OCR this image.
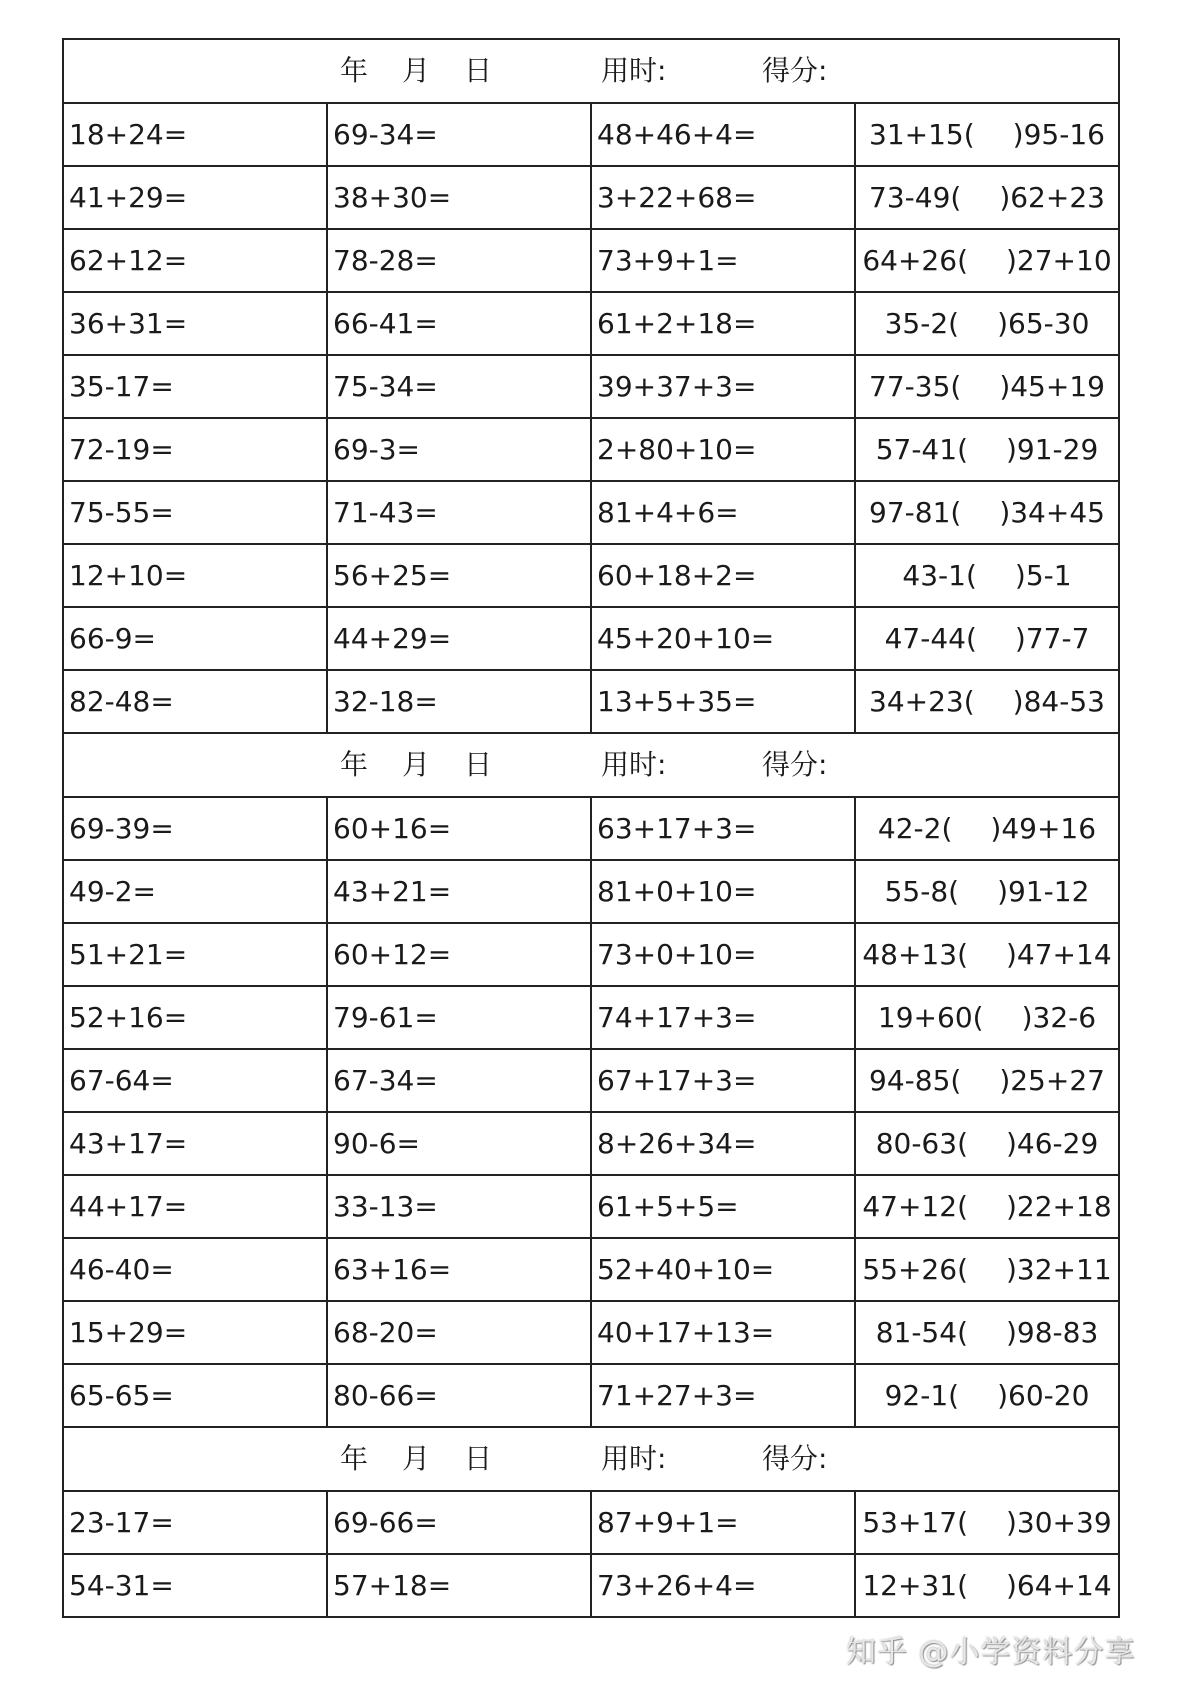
年 月 日 用时: 得分:			

18+24=	69-34=	48+46+4=	31+15( )95-16
41+29=	38+30=	3+22+68=	73-49( )62+23
62+12=	78-28=	73+9+1=	64+26( )27+10
36+31=	66-41=	61+2+18=	35-2( )65-30
35-17=	75-34=	39+37+3=	77-35( )45+19
72-19=	69-3=	2+80+10=	57-41( )91-29
75-55=	71-43=	81+4+6=	97-81( )34+45
12+10=	56+25=	60+18+2=	43-1( )5-1
66-9=	44+29=	45+20+10=	47-44( )77-7
82-48=	32-18=	13+5+35=	34+23( )84-53

年 月 日 用时: 得分:			

69-39=	60+16=	63+17+3=	42-2( )49+16
49-2=	43+21=	81+0+10=	55-8( )91-12
51+21=	60+12=	73+0+10=	48+13( )47+14
52+16=	79-61=	74+17+3=	19+60( )32-6
67-64=	67-34=	67+17+3=	94-85( )25+27
43+17=	90-6=	8+26+34=	80-63( )46-29
44+17=	33-13=	61+5+5=	47+12( )22+18
46-40=	63+16=	52+40+10=	55+26( )32+11
15+29=	68-20=	40+17+13=	81-54( )98-83
65-65=	80-66=	71+27+3=	92-1( )60-20

年 月 日 用时: 得分:			

23-17=	69-66=	87+9+1=	53+17( )30+39
54-31=	57+18=	73+26+4=	12+31( )64+14
知乎 @小学资料分享
